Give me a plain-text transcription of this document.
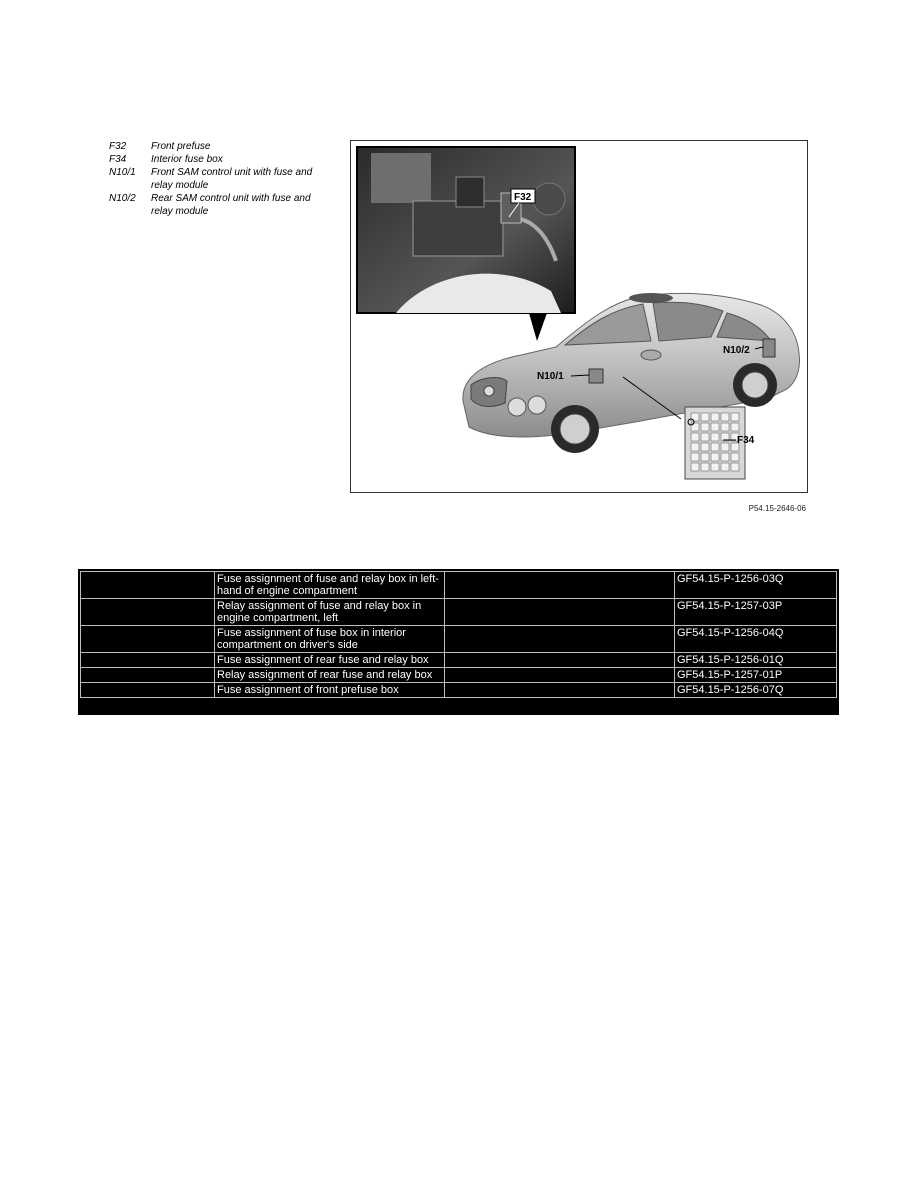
F32	Front prefuse
F34	Interior fuse box
N10/1	Front SAM control unit with fuse and relay module
N10/2	Rear SAM control unit with fuse and relay module
F32
N10/1
N10/2
F34
P54.15-2646-06
	Fuse assignment of fuse and relay box in left-hand of engine compartment		GF54.15-P-1256-03Q
	Relay assignment of fuse and relay box in engine compartment, left		GF54.15-P-1257-03P
	Fuse assignment of fuse box in interior compartment on driver's side		GF54.15-P-1256-04Q
	Fuse assignment of rear fuse and relay box		GF54.15-P-1256-01Q
	Relay assignment of rear fuse and relay box		GF54.15-P-1257-01P
	Fuse assignment of front prefuse box		GF54.15-P-1256-07Q
